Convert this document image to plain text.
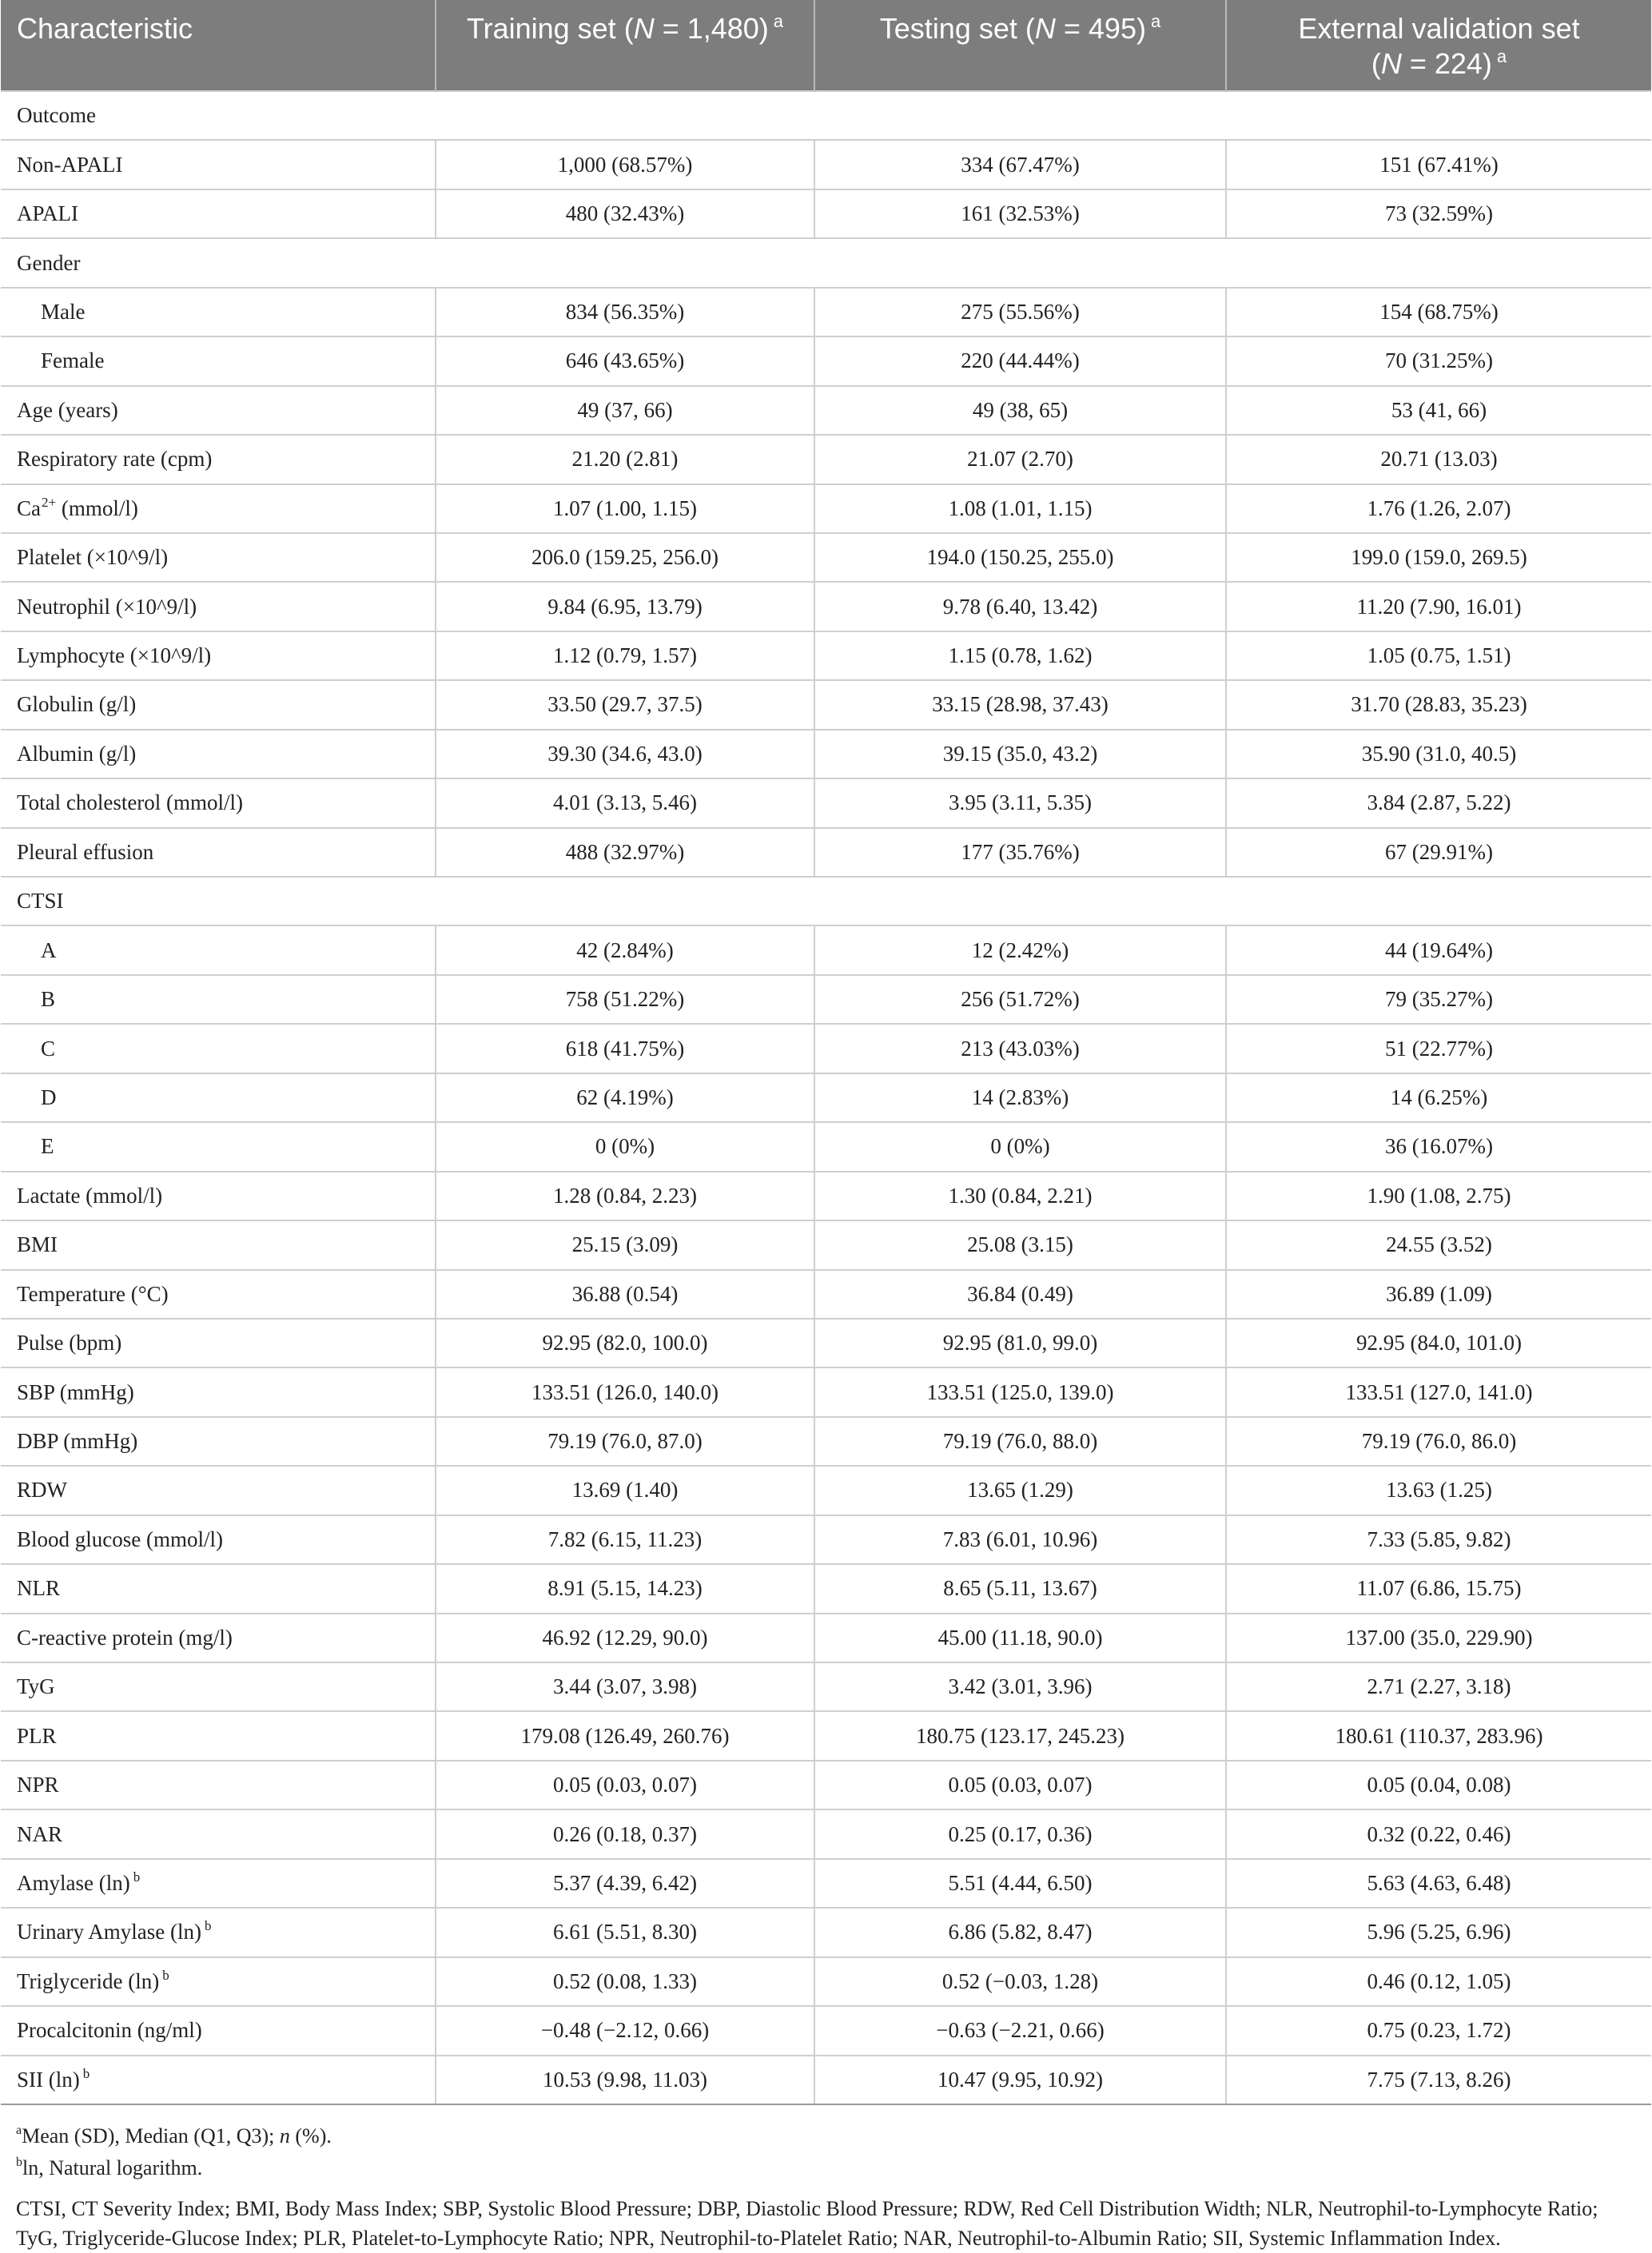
Characteristic	Training set (N = 1,480) $^a$	Testing set (N = 495) $^a$	External validation set
(N = 224) $^a$
Outcome			
Non-APALI	1,000 (68.57%)	334 (67.47%)	151 (67.41%)
APALI	480 (32.43%)	161 (32.53%)	73 (32.59%)
Gender			
Male	834 (56.35%)	275 (55.56%)	154 (68.75%)
Female	646 (43.65%)	220 (44.44%)	70 (31.25%)
Age (years)	49 (37, 66)	49 (38, 65)	53 (41, 66)
Respiratory rate (cpm)	21.20 (2.81)	21.07 (2.70)	20.71 (13.03)
$Ca^{2+}$ (mmol/l)	1.07 (1.00, 1.15)	1.08 (1.01, 1.15)	1.76 (1.26, 2.07)
Platelet (×10^9/l)	206.0 (159.25, 256.0)	194.0 (150.25, 255.0)	199.0 (159.0, 269.5)
Neutrophil (×10^9/l)	9.84 (6.95, 13.79)	9.78 (6.40, 13.42)	11.20 (7.90, 16.01)
Lymphocyte (×10^9/l)	1.12 (0.79, 1.57)	1.15 (0.78, 1.62)	1.05 (0.75, 1.51)
Globulin (g/l)	33.50 (29.7, 37.5)	33.15 (28.98, 37.43)	31.70 (28.83, 35.23)
Albumin (g/l)	39.30 (34.6, 43.0)	39.15 (35.0, 43.2)	35.90 (31.0, 40.5)
Total cholesterol (mmol/l)	4.01 (3.13, 5.46)	3.95 (3.11, 5.35)	3.84 (2.87, 5.22)
Pleural effusion	488 (32.97%)	177 (35.76%)	67 (29.91%)
CTSI			
A	42 (2.84%)	12 (2.42%)	44 (19.64%)
B	758 (51.22%)	256 (51.72%)	79 (35.27%)
C	618 (41.75%)	213 (43.03%)	51 (22.77%)
D	62 (4.19%)	14 (2.83%)	14 (6.25%)
E	0 (0%)	0 (0%)	36 (16.07%)
Lactate (mmol/l)	1.28 (0.84, 2.23)	1.30 (0.84, 2.21)	1.90 (1.08, 2.75)
BMI	25.15 (3.09)	25.08 (3.15)	24.55 (3.52)
Temperature (°C)	36.88 (0.54)	36.84 (0.49)	36.89 (1.09)
Pulse (bpm)	92.95 (82.0, 100.0)	92.95 (81.0, 99.0)	92.95 (84.0, 101.0)
SBP (mmHg)	133.51 (126.0, 140.0)	133.51 (125.0, 139.0)	133.51 (127.0, 141.0)
DBP (mmHg)	79.19 (76.0, 87.0)	79.19 (76.0, 88.0)	79.19 (76.0, 86.0)
RDW	13.69 (1.40)	13.65 (1.29)	13.63 (1.25)
Blood glucose (mmol/l)	7.82 (6.15, 11.23)	7.83 (6.01, 10.96)	7.33 (5.85, 9.82)
NLR	8.91 (5.15, 14.23)	8.65 (5.11, 13.67)	11.07 (6.86, 15.75)
C-reactive protein (mg/l)	46.92 (12.29, 90.0)	45.00 (11.18, 90.0)	137.00 (35.0, 229.90)
TyG	3.44 (3.07, 3.98)	3.42 (3.01, 3.96)	2.71 (2.27, 3.18)
PLR	179.08 (126.49, 260.76)	180.75 (123.17, 245.23)	180.61 (110.37, 283.96)
NPR	0.05 (0.03, 0.07)	0.05 (0.03, 0.07)	0.05 (0.04, 0.08)
NAR	0.26 (0.18, 0.37)	0.25 (0.17, 0.36)	0.32 (0.22, 0.46)
Amylase (ln) $^b$	5.37 (4.39, 6.42)	5.51 (4.44, 6.50)	5.63 (4.63, 6.48)
Urinary Amylase (ln) $^b$	6.61 (5.51, 8.30)	6.86 (5.82, 8.47)	5.96 (5.25, 6.96)
Triglyceride (ln) $^b$	0.52 (0.08, 1.33)	0.52 (−0.03, 1.28)	0.46 (0.12, 1.05)
Procalcitonin (ng/ml)	−0.48 (−2.12, 0.66)	−0.63 (−2.21, 0.66)	0.75 (0.23, 1.72)
SII (ln) $^b$	10.53 (9.98, 11.03)	10.47 (9.95, 10.92)	7.75 (7.13, 8.26)

$^a$Mean (SD), Median (Q1, Q3); n (%).

$^b$ln, Natural logarithm.

CTSI, CT Severity Index; BMI, Body Mass Index; SBP, Systolic Blood Pressure; DBP, Diastolic Blood Pressure; RDW, Red Cell Distribution Width; NLR, Neutrophil-to-Lymphocyte Ratio; TyG, Triglyceride-Glucose Index; PLR, Platelet-to-Lymphocyte Ratio; NPR, Neutrophil-to-Platelet Ratio; NAR, Neutrophil-to-Albumin Ratio; SII, Systemic Inflammation Index.
